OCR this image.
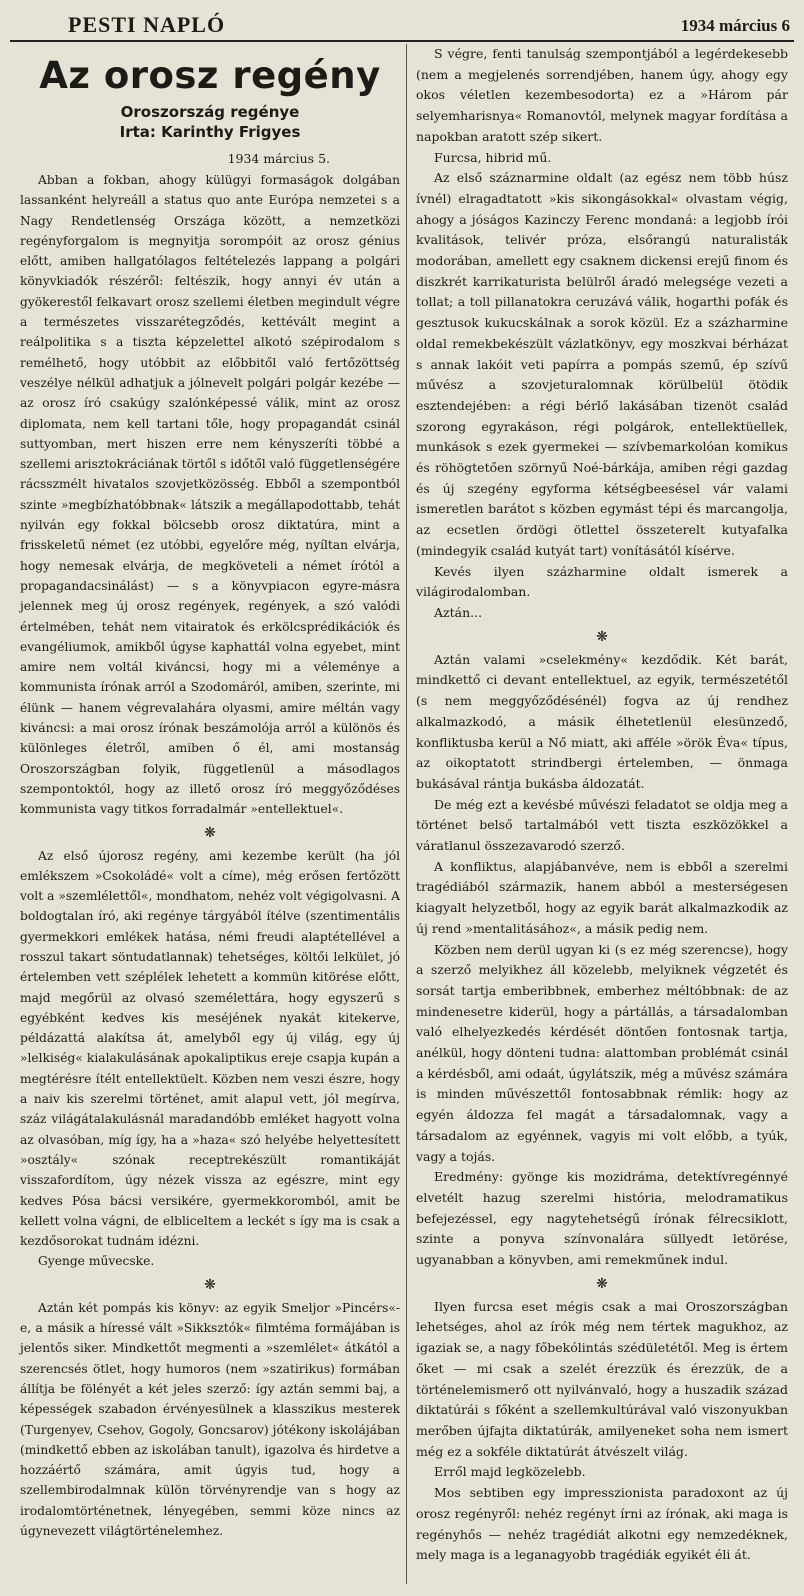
PESTI NAPLÓ	1934 március 6
Az orosz regény
Oroszország regénye
Irta: Karinthy Frigyes
1934 március 5.

Abban a fokban, ahogy külügyi formaságok dolgában lassanként helyreáll a status quo ante Európa nemzetei s a Nagy Rendetlenség Országa között, a nemzetközi regényforgalom is megnyitja sorompóit az orosz génius előtt, amiben hallgatólagos feltételezés lappang a polgári könyvkiadók részéről: feltészik, hogy annyi év után a gyökerestől felkavart orosz szellemi életben megindult végre a természetes visszarétegződés, kettévált megint a reálpolitika s a tiszta képzelettel alkotó szépirodalom s remélhető, hogy utóbbit az előbbitől való fertőzöttség veszélye nélkül adhatjuk a jólnevelt polgári polgár kezébe — az orosz író csakúgy szalónképessé válik, mint az orosz diplomata, nem kell tartani tőle, hogy propagandát csinál suttyomban, mert hiszen erre nem kényszeríti többé a szellemi arisztokráciának törtől s időtől való függetlenségére rácsszmélt hivatalos szovjetközösség. Ebből a szempontból szinte »megbízhatóbbnak« látszik a megállapodottabb, tehát nyilván egy fokkal bölcsebb orosz diktatúra, mint a frisskeletű német (ez utóbbi, egyelőre még, nyíltan elvárja, hogy nemesak elvárja, de megköveteli a német írótól a propagandacsinálást) — s a könyvpiacon egyre-másra jelennek meg új orosz regények, regények, a szó valódi értelmében, tehát nem vitairatok és erkölcsprédikációk és evangéliumok, amikből úgyse kaphattál volna egyebet, mint amire nem voltál kiváncsi, hogy mi a véleménye a kommunista írónak arról a Szodomáról, amiben, szerinte, mi élünk — hanem végrevalahára olyasmi, amire méltán vagy kiváncsi: a mai orosz írónak beszámolója arról a különös és különleges életről, amiben ő él, ami mostanság Oroszországban folyik, függetlenül a másodlagos szempontoktól, hogy az illető orosz író meggyőződéses kommunista vagy titkos forradalmár »entellektuel«.

❋

Az első újorosz regény, ami kezembe került (ha jól emlékszem »Csokoládé« volt a címe), még erősen fertőzött volt a »szemlélettől«, mondhatom, nehéz volt végigolvasni. A boldogtalan író, aki regénye tárgyából ítélve (szentimentális gyermekkori emlékek hatása, némi freudi alaptétellével a rosszul takart söntudatlannak) tehetséges, költői lelkület, jó értelemben vett széplélek lehetett a kommün kitörése előtt, majd megőrül az olvasó személettára, hogy egyszerű s egyébként kedves kis meséjének nyakát kitekerve, példázattá alakítsa át, amelyből egy új világ, egy új »lelkiség« kialakulásának apokaliptikus ereje csapja kupán a megtérésre ítélt entellektüelt. Közben nem veszi észre, hogy a naiv kis szerelmi történet, amit alapul vett, jól megírva, száz világátalakulásnál maradandóbb emléket hagyott volna az olvasóban, míg így, ha a »haza« szó helyébe helyettesített »osztály« szónak receptrekészült romantikáját visszafordítom, úgy nézek vissza az egészre, mint egy kedves Pósa bácsi versikére, gyermekkoromból, amit be kellett volna vágni, de elbliceltem a leckét s így ma is csak a kezdősorokat tudnám idézni.

Gyenge művecske.

❋

Aztán két pompás kis könyv: az egyik Smeljor »Pincérs«-e, a másik a híressé vált »Sikksztók« filmtéma formájában is jelentős siker. Mindkettőt megmenti a »szemlélet« átkától a szerencsés ötlet, hogy humoros (nem »szatirikus) formában állítja be fölényét a két jeles szerző: így aztán semmi baj, a képességek szabadon érvényesülnek a klasszikus mesterek (Turgenyev, Csehov, Gogoly, Goncsarov) jótékony iskolájában (mindkettő ebben az iskolában tanult), igazolva és hirdetve a hozzáértő számára, amit úgyis tud, hogy a szellembirodalmnak külön törvényrendje van s hogy az irodalomtörténetnek, lényegében, semmi köze nincs az úgynevezett világtörténelemhez.

S végre, fenti tanulság szempontjából a legérdekesebb (nem a megjelenés sorrendjében, hanem úgy, ahogy egy okos véletlen kezembesodorta) ez a »Három pár selyemharisnya« Romanovtól, melynek magyar fordítása a napokban aratott szép sikert.

Furcsa, hibrid mű.

Az első száznarmine oldalt (az egész nem több húsz ívnél) elragadtatott »kis sikongásokkal« olvastam végig, ahogy a jóságos Kazinczy Ferenc mondaná: a legjobb írói kvalitások, telivér próza, elsőrangú naturalisták modorában, amellett egy csaknem dickensi erejű finom és diszkrét karrikaturista belülről áradó melegsége vezeti a tollat; a toll pillanatokra ceruzává válik, hogarthi pofák és gesztusok kukucskálnak a sorok közül. Ez a százharmine oldal remekbekészült vázlatkönyv, egy moszkvai bérházat s annak lakóit veti papírra a pompás szemű, ép szívű művész a szovjeturalomnak körülbelül ötödik esztendejében: a régi bérlő lakásában tizenöt család szorong egyrakáson, régi polgárok, entellektüellek, munkások s ezek gyermekei — szívbemarkolóan komikus és röhögtetően szörnyű Noé-bárkája, amiben régi gazdag és új szegény egyforma kétségbeesésel vár valami ismeretlen barátot s közben egymást tépi és marcangolja, az ecsetlen ördögi ötlettel összeterelt kutyafalka (mindegyik család kutyát tart) vonításától kísérve.

Kevés ilyen százharmine oldalt ismerek a világirodalomban.

Aztán...

❋

Aztán valami »cselekmény« kezdődik. Két barát, mindkettő ci devant entellektuel, az egyik, természetétől (s nem meggyőződésénél) fogva az új rendhez alkalmazkodó, a másik élhetetlenül elesünzedő, konfliktusba kerül a Nő miatt, aki afféle »örök Éva« típus, az oikoptatott strindbergi értelemben, — önmaga bukásával rántja bukásba áldozatát.

De még ezt a kevésbé művészi feladatot se oldja meg a történet belső tartalmából vett tiszta eszközökkel a váratlanul összezavarodó szerző.

A konfliktus, alapjábanvéve, nem is ebből a szerelmi tragédiából származik, hanem abból a mesterségesen kiagyalt helyzetből, hogy az egyik barát alkalmazkodik az új rend »mentalitásához«, a másik pedig nem.

Közben nem derül ugyan ki (s ez még szerencse), hogy a szerző melyikhez áll közelebb, melyiknek végzetét és sorsát tartja emberibbnek, emberhez méltóbbnak: de az mindenesetre kiderül, hogy a pártállás, a társadalomban való elhelyezkedés kérdését döntően fontosnak tartja, anélkül, hogy dönteni tudna: alattomban problémát csinál a kérdésből, ami odaát, úgylátszik, még a művész számára is minden művészettől fontosabbnak rémlik: hogy az egyén áldozza fel magát a társadalomnak, vagy a társadalom az egyénnek, vagyis mi volt előbb, a tyúk, vagy a tojás.

Eredmény: gyönge kis mozidráma, detektívregénnyé elvetélt hazug szerelmi história, melodramatikus befejezéssel, egy nagytehetségű írónak félrecsiklott, szinte a ponyva színvonalára süllyedt letörése, ugyanabban a könyvben, ami remekműnek indul.

❋

Ilyen furcsa eset mégis csak a mai Oroszországban lehetséges, ahol az írók még nem tértek magukhoz, az igaziak se, a nagy főbekólintás szédületétől. Meg is értem őket — mi csak a szelét érezzük és érezzük, de a történelemismerő ott nyilvánvaló, hogy a huszadik század diktatúrái s főként a szellemkultúrával való viszonyukban merőben újfajta diktatúrák, amilyeneket soha nem ismert még ez a sokféle diktatúrát átvészelt világ.

Erről majd legközelebb.

Mos sebtiben egy impresszionista paradoxont az új orosz regényről: nehéz regényt írni az írónak, aki maga is regényhős — nehéz tragédiát alkotni egy nemzedéknek, mely maga is a leganagyobb tragédiák egyikét éli át.
